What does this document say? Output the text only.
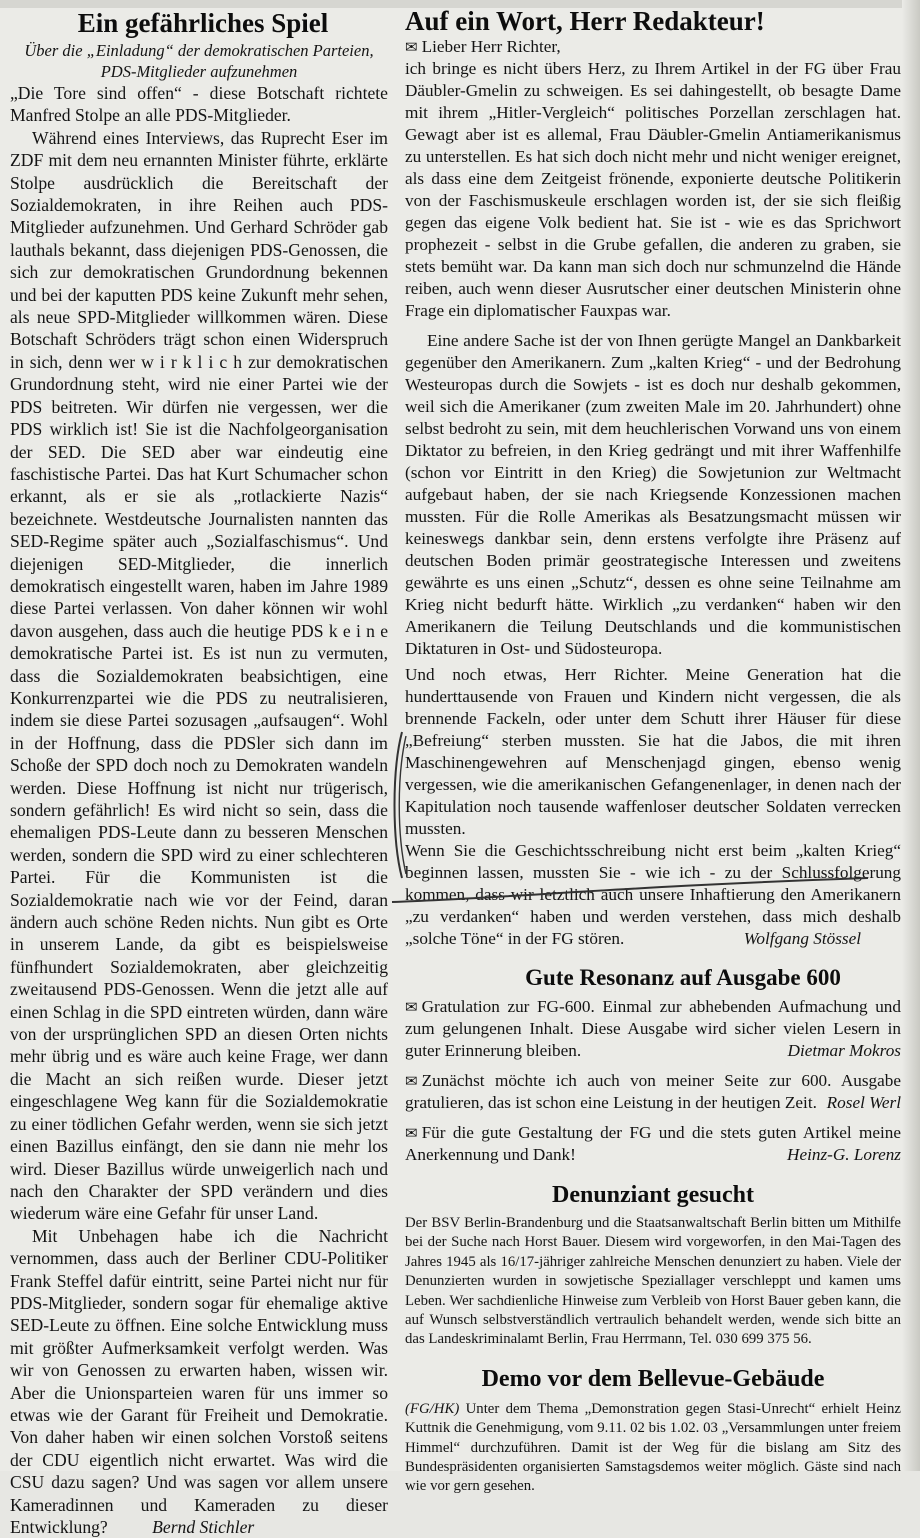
Ein gefährliches Spiel
Über die „Einladung“ der demokratischen Parteien, PDS-Mitglieder aufzunehmen

„Die Tore sind offen“ - diese Botschaft richtete Manfred Stolpe an alle PDS-Mitglieder.

Während eines Interviews, das Ruprecht Eser im ZDF mit dem neu ernannten Minister führte, erklärte Stolpe ausdrücklich die Bereitschaft der Sozialdemokraten, in ihre Reihen auch PDS-Mitglieder aufzunehmen. Und Gerhard Schröder gab lauthals bekannt, dass diejenigen PDS-Genossen, die sich zur demokratischen Grundordnung bekennen und bei der kaputten PDS keine Zukunft mehr sehen, als neue SPD-Mitglieder willkommen wären. Diese Botschaft Schröders trägt schon einen Widerspruch in sich, denn wer w i r k l i c h zur demokratischen Grundordnung steht, wird nie einer Partei wie der PDS beitreten. Wir dürfen nie vergessen, wer die PDS wirklich ist! Sie ist die Nachfolgeorganisation der SED. Die SED aber war eindeutig eine faschistische Partei. Das hat Kurt Schumacher schon erkannt, als er sie als „rotlackierte Nazis“ bezeichnete. Westdeutsche Journalisten nannten das SED-Regime später auch „Sozialfaschismus“. Und diejenigen SED-Mitglieder, die innerlich demokratisch eingestellt waren, haben im Jahre 1989 diese Partei verlassen. Von daher können wir wohl davon ausgehen, dass auch die heutige PDS k e i n e demokratische Partei ist. Es ist nun zu vermuten, dass die Sozialdemokraten beabsichtigen, eine Konkurrenzpartei wie die PDS zu neutralisieren, indem sie diese Partei sozusagen „aufsaugen“. Wohl in der Hoffnung, dass die PDSler sich dann im Schoße der SPD doch noch zu Demokraten wandeln werden. Diese Hoffnung ist nicht nur trügerisch, sondern gefährlich! Es wird nicht so sein, dass die ehemaligen PDS-Leute dann zu besseren Menschen werden, sondern die SPD wird zu einer schlechteren Partei. Für die Kommunisten ist die Sozialdemokratie nach wie vor der Feind, daran ändern auch schöne Reden nichts. Nun gibt es Orte in unserem Lande, da gibt es beispielsweise fünfhundert Sozialdemokraten, aber gleichzeitig zweitausend PDS-Genossen. Wenn die jetzt alle auf einen Schlag in die SPD eintreten würden, dann wäre von der ursprünglichen SPD an diesen Orten nichts mehr übrig und es wäre auch keine Frage, wer dann die Macht an sich reißen wurde. Dieser jetzt eingeschlagene Weg kann für die Sozialdemokratie zu einer tödlichen Gefahr werden, wenn sie sich jetzt einen Bazillus einfängt, den sie dann nie mehr los wird. Dieser Bazillus würde unweigerlich nach und nach den Charakter der SPD verändern und dies wiederum wäre eine Gefahr für unser Land.

Mit Unbehagen habe ich die Nachricht vernommen, dass auch der Berliner CDU-Politiker Frank Steffel dafür eintritt, seine Partei nicht nur für PDS-Mitglieder, sondern sogar für ehemalige aktive SED-Leute zu öffnen. Eine solche Entwicklung muss mit größter Aufmerksamkeit verfolgt werden. Was wir von Genossen zu erwarten haben, wissen wir. Aber die Unionsparteien waren für uns immer so etwas wie der Garant für Freiheit und Demokratie. Von daher haben wir einen solchen Vorstoß seitens der CDU eigentlich nicht erwartet. Was wird die CSU dazu sagen? Und was sagen vor allem unsere Kameradinnen und Kameraden zu dieser Entwicklung?	Bernd Stichler

Auf ein Wort, Herr Redakteur!

✉ Lieber Herr Richter,

ich bringe es nicht übers Herz, zu Ihrem Artikel in der FG über Frau Däubler-Gmelin zu schweigen. Es sei dahingestellt, ob besagte Dame mit ihrem „Hitler-Vergleich“ politisches Porzellan zerschlagen hat. Gewagt aber ist es allemal, Frau Däubler-Gmelin Antiamerikanismus zu unterstellen. Es hat sich doch nicht mehr und nicht weniger ereignet, als dass eine dem Zeitgeist frönende, exponierte deutsche Politikerin von der Faschismuskeule erschlagen worden ist, der sie sich fleißig gegen das eigene Volk bedient hat. Sie ist - wie es das Sprichwort prophezeit - selbst in die Grube gefallen, die anderen zu graben, sie stets bemüht war. Da kann man sich doch nur schmunzelnd die Hände reiben, auch wenn dieser Ausrutscher einer deutschen Ministerin ohne Frage ein diplomatischer Fauxpas war.

Eine andere Sache ist der von Ihnen gerügte Mangel an Dankbarkeit gegenüber den Amerikanern. Zum „kalten Krieg“ - und der Bedrohung Westeuropas durch die Sowjets - ist es doch nur deshalb gekommen, weil sich die Amerikaner (zum zweiten Male im 20. Jahrhundert) ohne selbst bedroht zu sein, mit dem heuchlerischen Vorwand uns von einem Diktator zu befreien, in den Krieg gedrängt und mit ihrer Waffenhilfe (schon vor Eintritt in den Krieg) die Sowjetunion zur Weltmacht aufgebaut haben, der sie nach Kriegsende Konzessionen machen mussten. Für die Rolle Amerikas als Besatzungsmacht müssen wir keineswegs dankbar sein, denn erstens verfolgte ihre Präsenz auf deutschen Boden primär geostrategische Interessen und zweitens gewährte es uns einen „Schutz“, dessen es ohne seine Teilnahme am Krieg nicht bedurft hätte. Wirklich „zu verdanken“ haben wir den Amerikanern die Teilung Deutschlands und die kommunistischen Diktaturen in Ost- und Südosteuropa.

Und noch etwas, Herr Richter. Meine Generation hat die hunderttausende von Frauen und Kindern nicht vergessen, die als brennende Fackeln, oder unter dem Schutt ihrer Häuser für diese „Befreiung“ sterben mussten. Sie hat die Jabos, die mit ihren Maschinengewehren auf Menschenjagd gingen, ebenso wenig vergessen, wie die amerikanischen Gefangenenlager, in denen nach der Kapitulation noch tausende waffenloser deutscher Soldaten verrecken mussten.

Wenn Sie die Geschichtsschreibung nicht erst beim „kalten Krieg“ beginnen lassen, mussten Sie - wie ich - zu der Schlussfolgerung kommen, dass wir letztlich auch unsere Inhaftierung den Amerikanern „zu verdanken“ haben und werden verstehen, dass mich deshalb „solche Töne“ in der FG stören.	Wolfgang Stössel

Gute Resonanz auf Ausgabe 600

✉ Gratulation zur FG-600. Einmal zur abhebenden Aufmachung und zum gelungenen Inhalt. Diese Ausgabe wird sicher vielen Lesern in guter Erinnerung bleiben.	Dietmar Mokros

✉ Zunächst möchte ich auch von meiner Seite zur 600. Ausgabe gratulieren, das ist schon eine Leistung in der heutigen Zeit. Rosel Werl

✉ Für die gute Gestaltung der FG und die stets guten Artikel meine Anerkennung und Dank!	Heinz-G. Lorenz

Denunziant gesucht

Der BSV Berlin-Brandenburg und die Staatsanwaltschaft Berlin bitten um Mithilfe bei der Suche nach Horst Bauer. Diesem wird vorgeworfen, in den Mai-Tagen des Jahres 1945 als 16/17-jähriger zahlreiche Menschen denunziert zu haben. Viele der Denunzierten wurden in sowjetische Speziallager verschleppt und kamen ums Leben. Wer sachdienliche Hinweise zum Verbleib von Horst Bauer geben kann, die auf Wunsch selbstverständlich vertraulich behandelt werden, wende sich bitte an das Landeskriminalamt Berlin, Frau Herrmann, Tel. 030 699 375 56.

Demo vor dem Bellevue-Gebäude

(FG/HK) Unter dem Thema „Demonstration gegen Stasi-Unrecht“ erhielt Heinz Kuttnik die Genehmigung, vom 9.11. 02 bis 1.02. 03 „Versammlungen unter freiem Himmel“ durchzuführen. Damit ist der Weg für die bislang am Sitz des Bundespräsidenten organisierten Samstagsdemos weiter möglich. Gäste sind nach wie vor gern gesehen.
